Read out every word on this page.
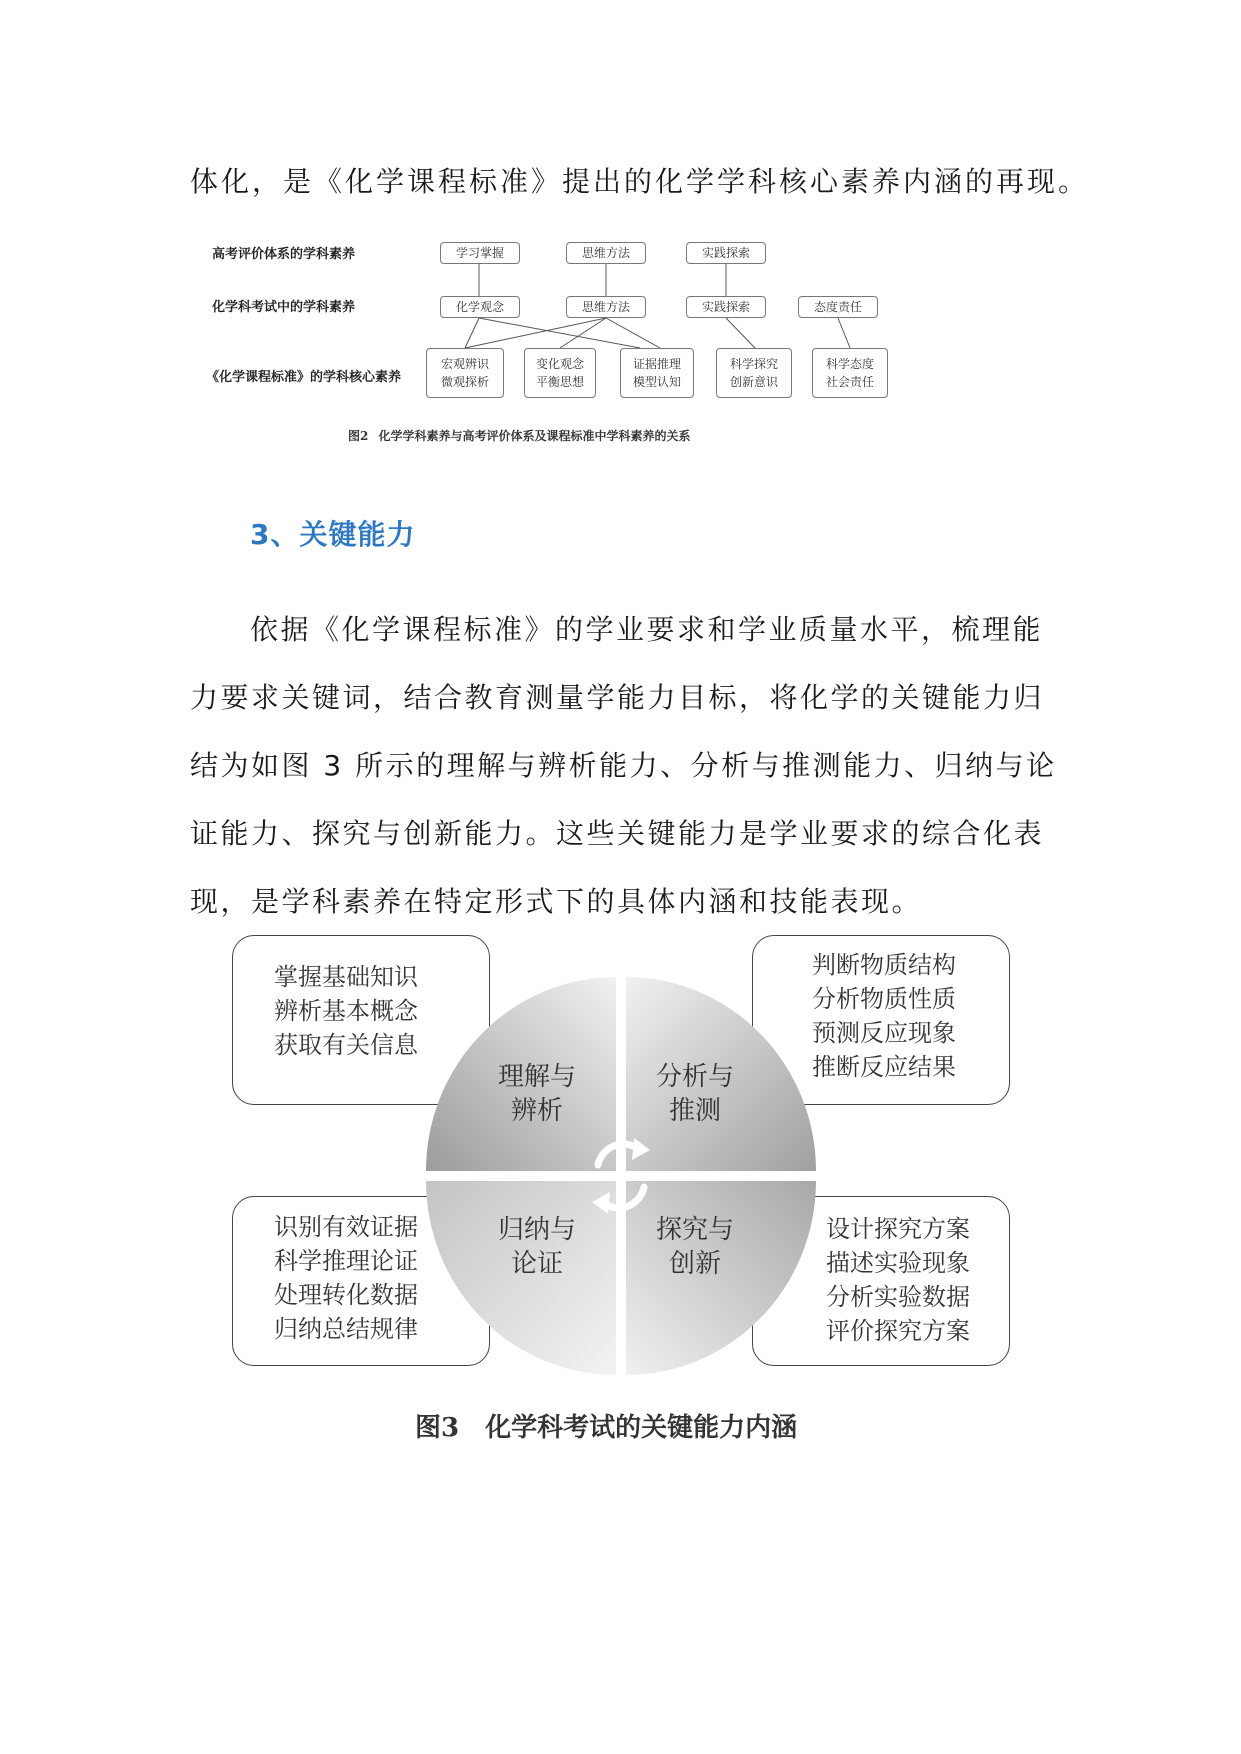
体化，是《化学课程标准》提出的化学学科核心素养内涵的再现。
高考评价体系的学科素养
化学科考试中的学科素养
《化学课程标准》的学科核心素养
学习掌握	思维方法	实践探索
化学观念	思维方法	实践探索	态度责任
宏观辨识
微观探析
变化观念
平衡思想
证据推理
模型认知
科学探究
创新意识
科学态度
社会责任
图2 化学学科素养与高考评价体系及课程标准中学科素养的关系
3、关键能力
依据《化学课程标准》的学业要求和学业质量水平，梳理能
力要求关键词，结合教育测量学能力目标，将化学的关键能力归
结为如图 3 所示的理解与辨析能力、分析与推测能力、归纳与论
证能力、探究与创新能力。这些关键能力是学业要求的综合化表
现，是学科素养在特定形式下的具体内涵和技能表现。
理解与
辨析
分析与
推测
归纳与
论证
探究与
创新
掌握基础知识
辨析基本概念
获取有关信息
判断物质结构
分析物质性质
预测反应现象
推断反应结果
识别有效证据
科学推理论证
处理转化数据
归纳总结规律
设计探究方案
描述实验现象
分析实验数据
评价探究方案
图3 化学科考试的关键能力内涵
